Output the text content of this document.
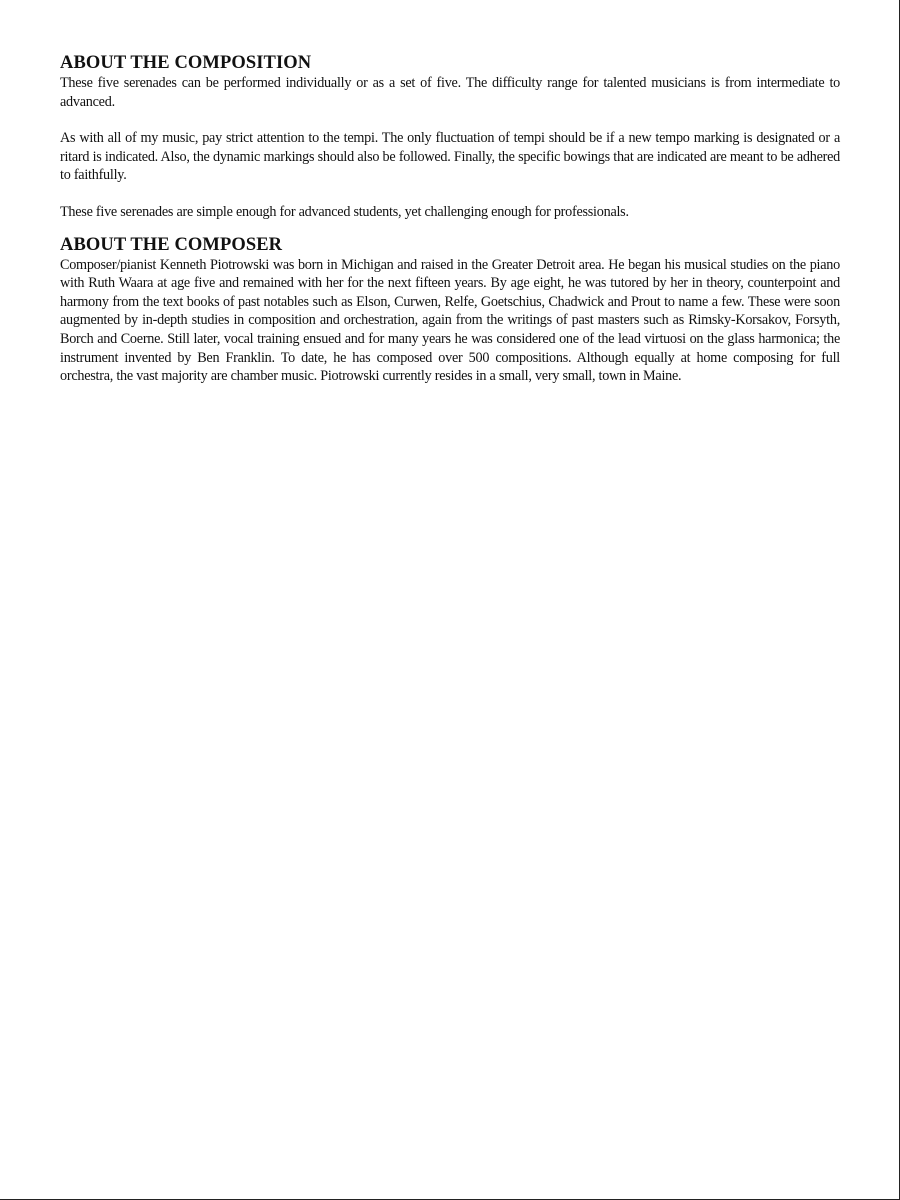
ABOUT THE COMPOSITION

These five serenades can be performed individually or as a set of five. The difficulty range for talented musicians is from intermediate to advanced.

As with all of my music, pay strict attention to the tempi. The only fluctuation of tempi should be if a new tempo marking is designated or a ritard is indicated. Also, the dynamic markings should also be followed. Finally, the specific bowings that are indicated are meant to be adhered to faithfully.

These five serenades are simple enough for advanced students, yet challenging enough for professionals.

ABOUT THE COMPOSER

Composer/pianist Kenneth Piotrowski was born in Michigan and raised in the Greater Detroit area. He began his musical studies on the piano with Ruth Waara at age five and remained with her for the next fifteen years. By age eight, he was tutored by her in theory, counterpoint and harmony from the text books of past notables such as Elson, Curwen, Relfe, Goetschius, Chadwick and Prout to name a few. These were soon augmented by in-depth studies in composition and orchestration, again from the writings of past masters such as Rimsky-Korsakov, Forsyth, Borch and Coerne. Still later, vocal training ensued and for many years he was considered one of the lead virtuosi on the glass harmonica; the instrument invented by Ben Franklin. To date, he has composed over 500 compositions. Although equally at home composing for full orchestra, the vast majority are chamber music. Piotrowski currently resides in a small, very small, town in Maine.
